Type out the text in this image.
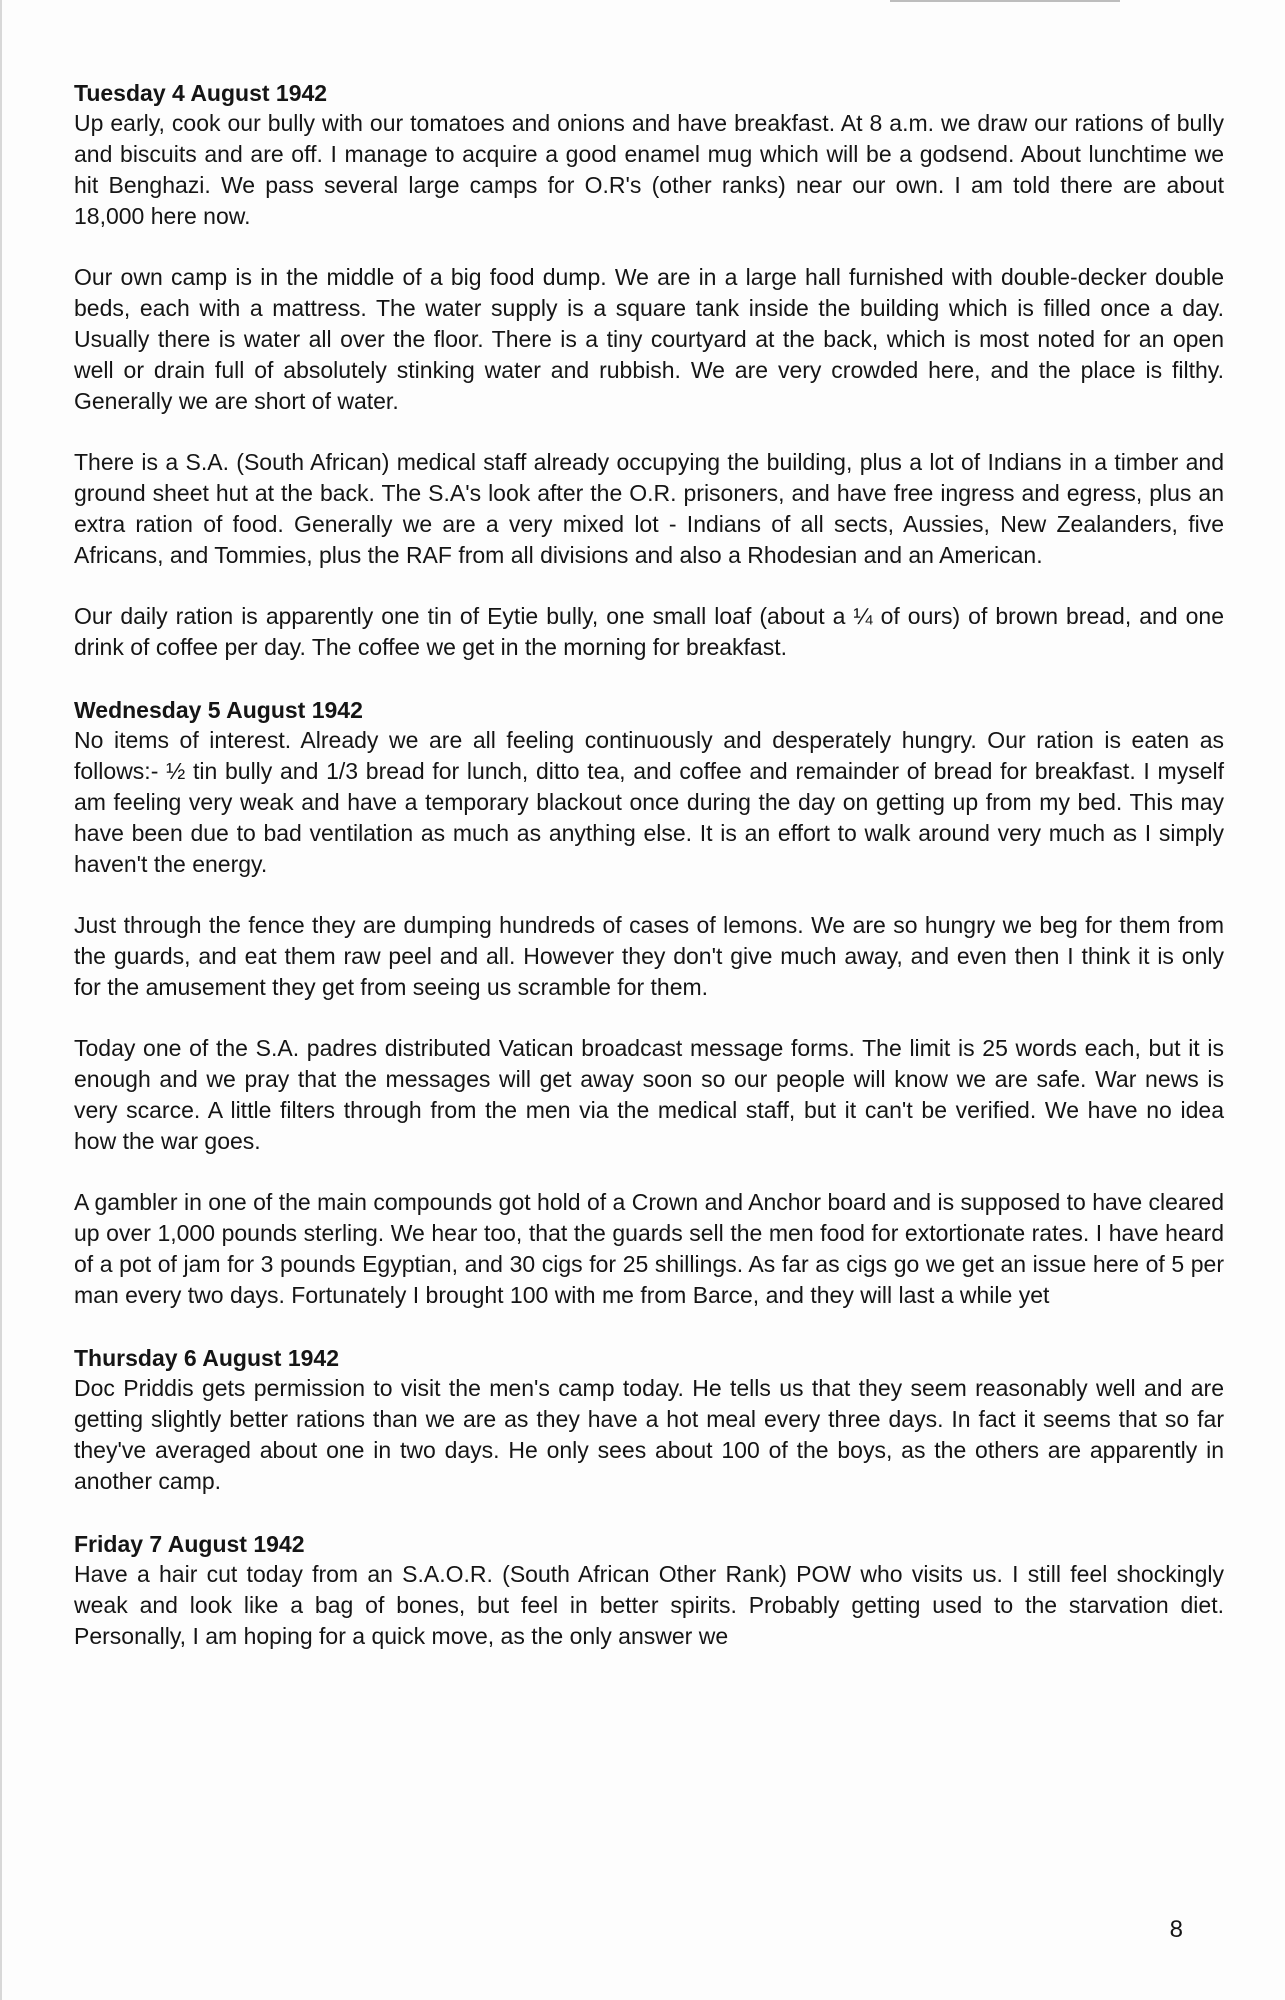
Tuesday 4 August 1942

Up early, cook our bully with our tomatoes and onions and have breakfast. At 8 a.m. we draw our rations of bully and biscuits and are off. I manage to acquire a good enamel mug which will be a godsend. About lunchtime we hit Benghazi. We pass several large camps for O.R's (other ranks) near our own. I am told there are about 18,000 here now.

Our own camp is in the middle of a big food dump. We are in a large hall furnished with double-decker double beds, each with a mattress. The water supply is a square tank inside the building which is filled once a day. Usually there is water all over the floor. There is a tiny courtyard at the back, which is most noted for an open well or drain full of absolutely stinking water and rubbish. We are very crowded here, and the place is filthy. Generally we are short of water.

There is a S.A. (South African) medical staff already occupying the building, plus a lot of Indians in a timber and ground sheet hut at the back. The S.A's look after the O.R. prisoners, and have free ingress and egress, plus an extra ration of food. Generally we are a very mixed lot - Indians of all sects, Aussies, New Zealanders, five Africans, and Tommies, plus the RAF from all divisions and also a Rhodesian and an American.

Our daily ration is apparently one tin of Eytie bully, one small loaf (about a ¼ of ours) of brown bread, and one drink of coffee per day. The coffee we get in the morning for breakfast.

Wednesday 5 August 1942

No items of interest. Already we are all feeling continuously and desperately hungry. Our ration is eaten as follows:- ½ tin bully and 1/3 bread for lunch, ditto tea, and coffee and remainder of bread for breakfast. I myself am feeling very weak and have a temporary blackout once during the day on getting up from my bed. This may have been due to bad ventilation as much as anything else. It is an effort to walk around very much as I simply haven't the energy.

Just through the fence they are dumping hundreds of cases of lemons. We are so hungry we beg for them from the guards, and eat them raw peel and all. However they don't give much away, and even then I think it is only for the amusement they get from seeing us scramble for them.

Today one of the S.A. padres distributed Vatican broadcast message forms. The limit is 25 words each, but it is enough and we pray that the messages will get away soon so our people will know we are safe. War news is very scarce. A little filters through from the men via the medical staff, but it can't be verified. We have no idea how the war goes.

A gambler in one of the main compounds got hold of a Crown and Anchor board and is supposed to have cleared up over 1,000 pounds sterling. We hear too, that the guards sell the men food for extortionate rates. I have heard of a pot of jam for 3 pounds Egyptian, and 30 cigs for 25 shillings. As far as cigs go we get an issue here of 5 per man every two days. Fortunately I brought 100 with me from Barce, and they will last a while yet

Thursday 6 August 1942

Doc Priddis gets permission to visit the men's camp today. He tells us that they seem reasonably well and are getting slightly better rations than we are as they have a hot meal every three days. In fact it seems that so far they've averaged about one in two days. He only sees about 100 of the boys, as the others are apparently in another camp.

Friday 7 August 1942

Have a hair cut today from an S.A.O.R. (South African Other Rank) POW who visits us. I still feel shockingly weak and look like a bag of bones, but feel in better spirits. Probably getting used to the starvation diet. Personally, I am hoping for a quick move, as the only answer we

8
